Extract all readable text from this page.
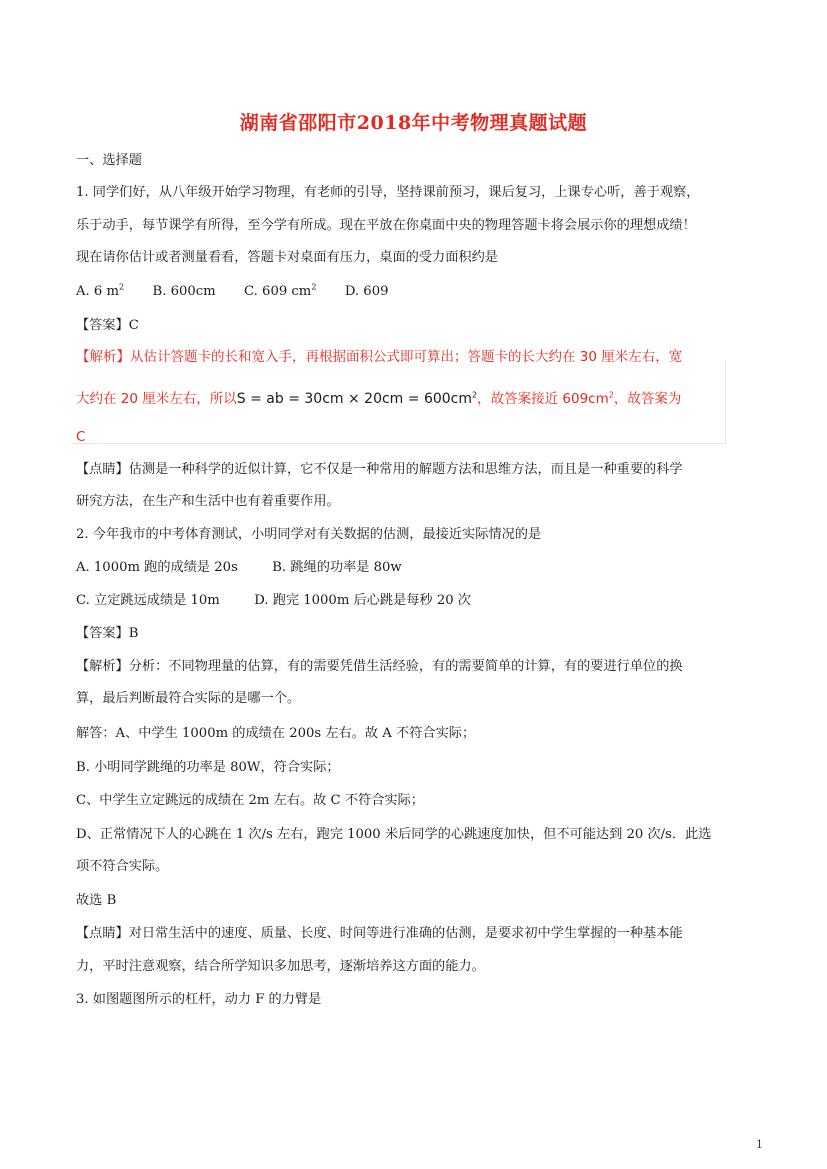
湖南省邵阳市2018年中考物理真题试题
一、选择题
1. 同学们好，从八年级开始学习物理，有老师的引导，坚持课前预习，课后复习，上课专心听，善于观察，
乐于动手，每节课学有所得，至今学有所成。现在平放在你桌面中央的物理答题卡将会展示你的理想成绩！
现在请你估计或者测量看看，答题卡对桌面有压力，桌面的受力面积约是
A. 6 $m^2$ B. 600cm C. 609 $cm^2$ D. 609
【答案】C
【解析】从估计答题卡的长和宽入手，再根据面积公式即可算出；答题卡的长大约在 30 厘米左右，宽
大约在 20 厘米左右，所以S = ab = $30cm \times 20cm = 600cm^2$，故答案接近 $609cm^2$，故答案为
C
【点睛】估测是一种科学的近似计算，它不仅是一种常用的解题方法和思维方法，而且是一种重要的科学
研究方法，在生产和生活中也有着重要作用。
2. 今年我市的中考体育测试，小明同学对有关数据的估测，最接近实际情况的是
A. 1000m 跑的成绩是 20s	B. 跳绳的功率是 80w
C. 立定跳远成绩是 10m	D. 跑完 1000m 后心跳是每秒 20 次
【答案】B
【解析】分析：不同物理量的估算，有的需要凭借生活经验，有的需要简单的计算，有的要进行单位的换
算，最后判断最符合实际的是哪一个。
解答：A、中学生 1000m 的成绩在 200s 左右。故 A 不符合实际；
B. 小明同学跳绳的功率是 80W，符合实际；
C、中学生立定跳远的成绩在 2m 左右。故 C 不符合实际；
D、正常情况下人的心跳在 1 次/s 左右，跑完 1000 米后同学的心跳速度加快，但不可能达到 20 次/s．此选
项不符合实际。
故选 B
【点睛】对日常生活中的速度、质量、长度、时间等进行准确的估测，是要求初中学生掌握的一种基本能
力，平时注意观察，结合所学知识多加思考，逐渐培养这方面的能力。
3. 如图题图所示的杠杆，动力 F 的力臂是
1
